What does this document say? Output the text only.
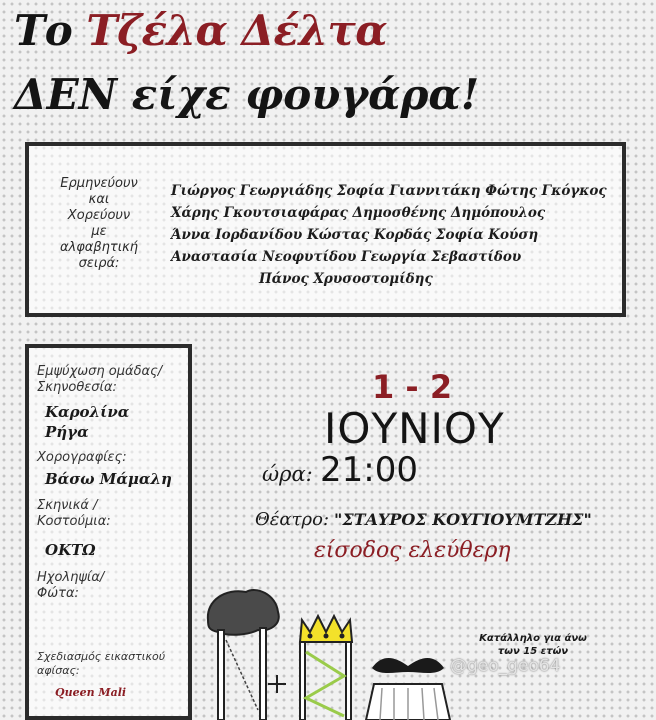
Το Τζέλα Δέλτα
ΔΕΝ είχε φουγάρα!
Ερμηνεύουν
και
Χορεύουν
με
αλφαβητική
σειρά:
Γιώργος Γεωργιάδης Σοφία Γιαννιτάκη Φώτης Γκόγκος
Χάρης Γκουτσιαφάρας Δημοσθένης Δημόπουλος
Άννα Ιορδανίδου Κώστας Κορδάς Σοφία Κούση
Αναστασία Νεοφυτίδου Γεωργία Σεβαστίδου
Πάνος Χρυσοστομίδης
Εμψύχωση ομάδας/
Σκηνοθεσία:
Καρολίνα
Ρήγα
Χορογραφίες:
Βάσω Μάμαλη
Σκηνικά /
Κοστούμια:
ΟΚΤΩ
Ηχοληψία/
Φώτα:
Σχεδιασμός εικαστικού
αφίσας:
Queen Mali
1 - 2
ΙΟΥΝΙΟΥ
ώρα: 21:00
Θέατρο: "ΣΤΑΥΡΟΣ ΚΟΥΓΙΟΥΜΤΖΗΣ"
είσοδος ελεύθερη
Κατάλληλο για άνω
των 15 ετών
@geo_geo64
